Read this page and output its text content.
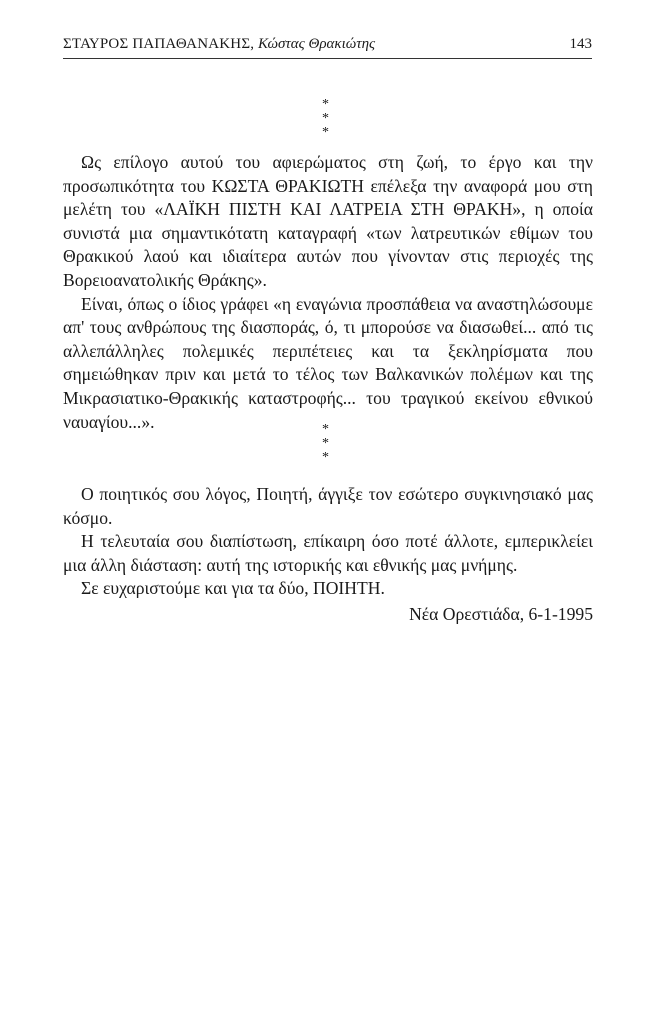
ΣΤΑΥΡΟΣ ΠΑΠΑΘΑΝΑΚΗΣ, Κώστας Θρακιώτης	143
*
* *

Ως επίλογο αυτού του αφιερώματος στη ζωή, το έργο και την προσωπικότητα του ΚΩΣΤΑ ΘΡΑΚΙΩΤΗ επέλεξα την αναφορά μου στη μελέτη του «ΛΑΪΚΗ ΠΙΣΤΗ ΚΑΙ ΛΑΤΡΕΙΑ ΣΤΗ ΘΡΑΚΗ», η οποία συνιστά μια σημαντικότατη καταγραφή «των λατρευτικών εθίμων του Θρακικού λαού και ιδιαίτερα αυτών που γίνονταν στις περιοχές της Βορειοανατολικής Θράκης».

Είναι, όπως ο ίδιος γράφει «η εναγώνια προσπάθεια να αναστηλώσουμε απ' τους ανθρώπους της διασποράς, ό, τι μπορούσε να διασωθεί... από τις αλλεπάλληλες πολεμικές περιπέτειες και τα ξεκληρίσματα που σημειώθηκαν πριν και μετά το τέλος των Βαλκανικών πολέμων και της Μικρασιατικο-Θρακικής καταστροφής... του τραγικού εκείνου εθνικού ναυαγίου...».	*
* *

Ο ποιητικός σου λόγος, Ποιητή, άγγιξε τον εσώτερο συγκινησιακό μας κόσμο.

Η τελευταία σου διαπίστωση, επίκαιρη όσο ποτέ άλλοτε, εμπερικλείει μια άλλη διάσταση: αυτή της ιστορικής και εθνικής μας μνήμης.

Σε ευχαριστούμε και για τα δύο, ΠΟΙΗΤΗ.

Νέα Ορεστιάδα, 6-1-1995
